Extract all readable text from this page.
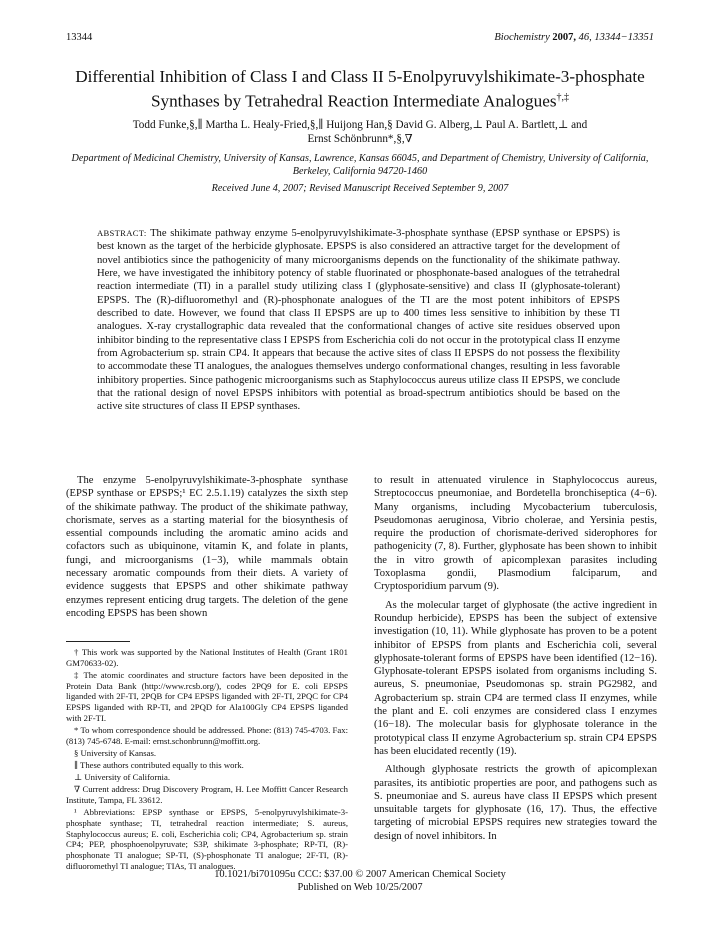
13344	Biochemistry 2007, 46, 13344−13351
Differential Inhibition of Class I and Class II 5-Enolpyruvylshikimate-3-phosphate Synthases by Tetrahedral Reaction Intermediate Analogues†,‡
Todd Funke,§,∥ Martha L. Healy-Fried,§,∥ Huijong Han,§ David G. Alberg,⊥ Paul A. Bartlett,⊥ and
Ernst Schönbrunn*,§,∇
Department of Medicinal Chemistry, University of Kansas, Lawrence, Kansas 66045, and Department of Chemistry, University of California, Berkeley, California 94720-1460
Received June 4, 2007; Revised Manuscript Received September 9, 2007
ABSTRACT: The shikimate pathway enzyme 5-enolpyruvylshikimate-3-phosphate synthase (EPSP synthase or EPSPS) is best known as the target of the herbicide glyphosate. EPSPS is also considered an attractive target for the development of novel antibiotics since the pathogenicity of many microorganisms depends on the functionality of the shikimate pathway. Here, we have investigated the inhibitory potency of stable fluorinated or phosphonate-based analogues of the tetrahedral reaction intermediate (TI) in a parallel study utilizing class I (glyphosate-sensitive) and class II (glyphosate-tolerant) EPSPS. The (R)-difluoromethyl and (R)-phosphonate analogues of the TI are the most potent inhibitors of EPSPS described to date. However, we found that class II EPSPS are up to 400 times less sensitive to inhibition by these TI analogues. X-ray crystallographic data revealed that the conformational changes of active site residues observed upon inhibitor binding to the representative class I EPSPS from Escherichia coli do not occur in the prototypical class II enzyme from Agrobacterium sp. strain CP4. It appears that because the active sites of class II EPSPS do not possess the flexibility to accommodate these TI analogues, the analogues themselves undergo conformational changes, resulting in less favorable inhibitory properties. Since pathogenic microorganisms such as Staphylococcus aureus utilize class II EPSPS, we conclude that the rational design of novel EPSPS inhibitors with potential as broad-spectrum antibiotics should be based on the active site structures of class II EPSP synthases.

The enzyme 5-enolpyruvylshikimate-3-phosphate synthase (EPSP synthase or EPSPS;¹ EC 2.5.1.19) catalyzes the sixth step of the shikimate pathway. The product of the shikimate pathway, chorismate, serves as a starting material for the biosynthesis of essential compounds including the aromatic amino acids and cofactors such as ubiquinone, vitamin K, and folate in plants, fungi, and microorganisms (1−3), while mammals obtain necessary aromatic compounds from their diets. A variety of evidence suggests that EPSPS and other shikimate pathway enzymes represent enticing drug targets. The deletion of the gene encoding EPSPS has been shown

to result in attenuated virulence in Staphylococcus aureus, Streptococcus pneumoniae, and Bordetella bronchiseptica (4−6). Many organisms, including Mycobacterium tuberculosis, Pseudomonas aeruginosa, Vibrio cholerae, and Yersinia pestis, require the production of chorismate-derived siderophores for pathogenicity (7, 8). Further, glyphosate has been shown to inhibit the in vitro growth of apicomplexan parasites including Toxoplasma gondii, Plasmodium falciparum, and Cryptosporidium parvum (9).

As the molecular target of glyphosate (the active ingredient in Roundup herbicide), EPSPS has been the subject of extensive investigation (10, 11). While glyphosate has proven to be a potent inhibitor of EPSPS from plants and Escherichia coli, several glyphosate-tolerant forms of EPSPS have been identified (12−16). Glyphosate-tolerant EPSPS isolated from organisms including S. aureus, S. pneumoniae, Pseudomonas sp. strain PG2982, and Agrobacterium sp. strain CP4 are termed class II enzymes, while the plant and E. coli enzymes are considered class I enzymes (16−18). The molecular basis for glyphosate tolerance in the prototypical class II enzyme Agrobacterium sp. strain CP4 EPSPS has been elucidated recently (19).

Although glyphosate restricts the growth of apicomplexan parasites, its antibiotic properties are poor, and pathogens such as S. pneumoniae and S. aureus have class II EPSPS which present unsuitable targets for glyphosate (16, 17). Thus, the effective targeting of microbial EPSPS requires new strategies toward the design of novel inhibitors. In

† This work was supported by the National Institutes of Health (Grant 1R01 GM70633-02).

‡ The atomic coordinates and structure factors have been deposited in the Protein Data Bank (http://www.rcsb.org/), codes 2PQ9 for E. coli EPSPS liganded with 2F-TI, 2PQB for CP4 EPSPS liganded with 2F-TI, 2PQC for CP4 EPSPS liganded with RP-TI, and 2PQD for Ala100Gly CP4 EPSPS liganded with 2F-TI.

* To whom correspondence should be addressed. Phone: (813) 745-4703. Fax: (813) 745-6748. E-mail: ernst.schonbrunn@moffitt.org.

§ University of Kansas.

∥ These authors contributed equally to this work.

⊥ University of California.

∇ Current address: Drug Discovery Program, H. Lee Moffitt Cancer Research Institute, Tampa, FL 33612.

¹ Abbreviations: EPSP synthase or EPSPS, 5-enolpyruvylshikimate-3-phosphate synthase; TI, tetrahedral reaction intermediate; S. aureus, Staphylococcus aureus; E. coli, Escherichia coli; CP4, Agrobacterium sp. strain CP4; PEP, phosphoenolpyruvate; S3P, shikimate 3-phosphate; RP-TI, (R)-phosphonate TI analogue; SP-TI, (S)-phosphonate TI analogue; 2F-TI, (R)-difluoromethyl TI analogue; TIAs, TI analogues.

10.1021/bi701095u CCC: $37.00 © 2007 American Chemical Society
Published on Web 10/25/2007
